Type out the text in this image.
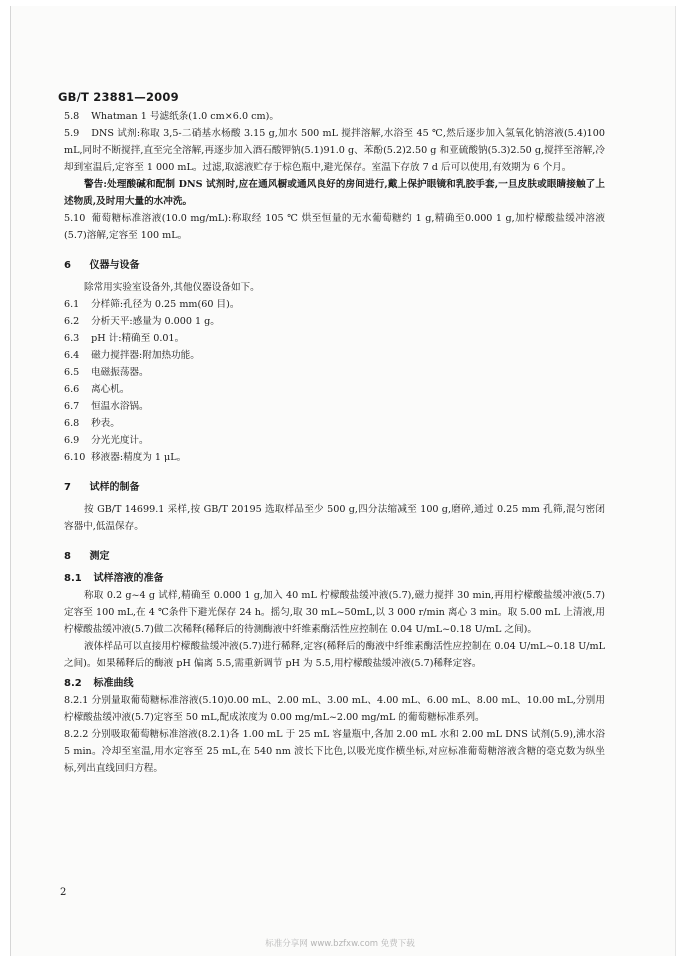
GB/T 23881—2009

5.8 Whatman 1 号滤纸条(1.0 cm×6.0 cm)。

5.9 DNS 试剂:称取 3,5-二硝基水杨酸 3.15 g,加水 500 mL 搅拌溶解,水浴至 45 ℃,然后逐步加入氢氧化钠溶液(5.4)100 mL,同时不断搅拌,直至完全溶解,再逐步加入酒石酸钾钠(5.1)91.0 g、苯酚(5.2)2.50 g 和亚硫酸钠(5.3)2.50 g,搅拌至溶解,冷却到室温后,定容至 1 000 mL。过滤,取滤液贮存于棕色瓶中,避光保存。室温下存放 7 d 后可以使用,有效期为 6 个月。

警告:处理酸碱和配制 DNS 试剂时,应在通风橱或通风良好的房间进行,戴上保护眼镜和乳胶手套,一旦皮肤或眼睛接触了上述物质,及时用大量的水冲洗。

5.10 葡萄糖标准溶液(10.0 mg/mL):称取经 105 ℃ 烘至恒量的无水葡萄糖约 1 g,精确至0.000 1 g,加柠檬酸盐缓冲溶液(5.7)溶解,定容至 100 mL。

6 仪器与设备

除常用实验室设备外,其他仪器设备如下。

6.1 分样筛:孔径为 0.25 mm(60 目)。

6.2 分析天平:感量为 0.000 1 g。

6.3 pH 计:精确至 0.01。

6.4 磁力搅拌器:附加热功能。

6.5 电磁振荡器。

6.6 离心机。

6.7 恒温水浴锅。

6.8 秒表。

6.9 分光光度计。

6.10 移液器:精度为 1 μL。

7 试样的制备

按 GB/T 14699.1 采样,按 GB/T 20195 选取样品至少 500 g,四分法缩减至 100 g,磨碎,通过 0.25 mm 孔筛,混匀密闭容器中,低温保存。

8 测定
8.1 试样溶液的准备

称取 0.2 g~4 g 试样,精确至 0.000 1 g,加入 40 mL 柠檬酸盐缓冲液(5.7),磁力搅拌 30 min,再用柠檬酸盐缓冲液(5.7)定容至 100 mL,在 4 ℃条件下避光保存 24 h。摇匀,取 30 mL~50mL,以 3 000 r/min 离心 3 min。取 5.00 mL 上清液,用柠檬酸盐缓冲液(5.7)做二次稀释(稀释后的待测酶液中纤维素酶活性应控制在 0.04 U/mL~0.18 U/mL 之间)。

液体样品可以直接用柠檬酸盐缓冲液(5.7)进行稀释,定容(稀释后的酶液中纤维素酶活性应控制在 0.04 U/mL~0.18 U/mL 之间)。如果稀释后的酶液 pH 偏离 5.5,需重新调节 pH 为 5.5,用柠檬酸盐缓冲液(5.7)稀释定容。

8.2 标准曲线

8.2.1 分别量取葡萄糖标准溶液(5.10)0.00 mL、2.00 mL、3.00 mL、4.00 mL、6.00 mL、8.00 mL、10.00 mL,分别用柠檬酸盐缓冲液(5.7)定容至 50 mL,配成浓度为 0.00 mg/mL~2.00 mg/mL 的葡萄糖标准系列。

8.2.2 分别吸取葡萄糖标准溶液(8.2.1)各 1.00 mL 于 25 mL 容量瓶中,各加 2.00 mL 水和 2.00 mL DNS 试剂(5.9),沸水浴 5 min。冷却至室温,用水定容至 25 mL,在 540 nm 波长下比色,以吸光度作横坐标,对应标准葡萄糖溶液含糖的毫克数为纵坐标,列出直线回归方程。

2
标准分享网 www.bzfxw.com 免费下载
